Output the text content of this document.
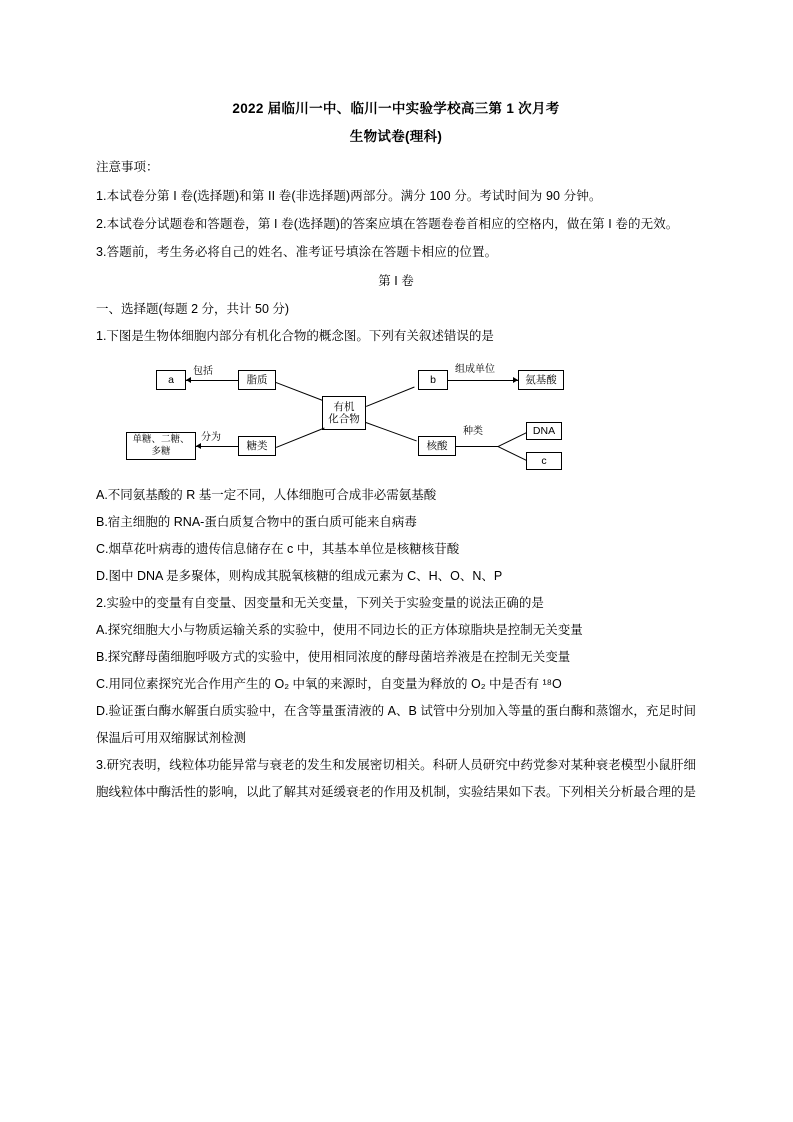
2022 届临川一中、临川一中实验学校高三第 1 次月考
生物试卷(理科)
注意事项：
1.本试卷分第 I 卷(选择题)和第 II 卷(非选择题)两部分。满分 100 分。考试时间为 90 分钟。
2.本试卷分试题卷和答题卷，第 I 卷(选择题)的答案应填在答题卷卷首相应的空格内，做在第 I 卷的无效。
3.答题前，考生务必将自己的姓名、准考证号填涂在答题卡相应的位置。
第 I 卷
一、选择题(每题 2 分，共计 50 分)
1.下图是生物体细胞内部分有机化合物的概念图。下列有关叙述错误的是
a
包括
脂质
有机
化合物
b
组成单位
氨基酸
单糖、二糖、
多糖
分为
糖类	核酸
种类	DNA
c
A.不同氨基酸的 R 基一定不同，人体细胞可合成非必需氨基酸
B.宿主细胞的 RNA-蛋白质复合物中的蛋白质可能来自病毒
C.烟草花叶病毒的遗传信息储存在 c 中，其基本单位是核糖核苷酸
D.图中 DNA 是多聚体，则构成其脱氧核糖的组成元素为 C、H、O、N、P
2.实验中的变量有自变量、因变量和无关变量，下列关于实验变量的说法正确的是
A.探究细胞大小与物质运输关系的实验中，使用不同边长的正方体琼脂块是控制无关变量
B.探究酵母菌细胞呼吸方式的实验中，使用相同浓度的酵母菌培养液是在控制无关变量
C.用同位素探究光合作用产生的 O₂ 中氧的来源时，自变量为释放的 O₂ 中是否有 ¹⁸O
D.验证蛋白酶水解蛋白质实验中，在含等量蛋清液的 A、B 试管中分别加入等量的蛋白酶和蒸馏水，充足时间保温后可用双缩脲试剂检测
3.研究表明，线粒体功能异常与衰老的发生和发展密切相关。科研人员研究中药党参对某种衰老模型小鼠肝细胞线粒体中酶活性的影响，以此了解其对延缓衰老的作用及机制，实验结果如下表。下列相关分析最合理的是
